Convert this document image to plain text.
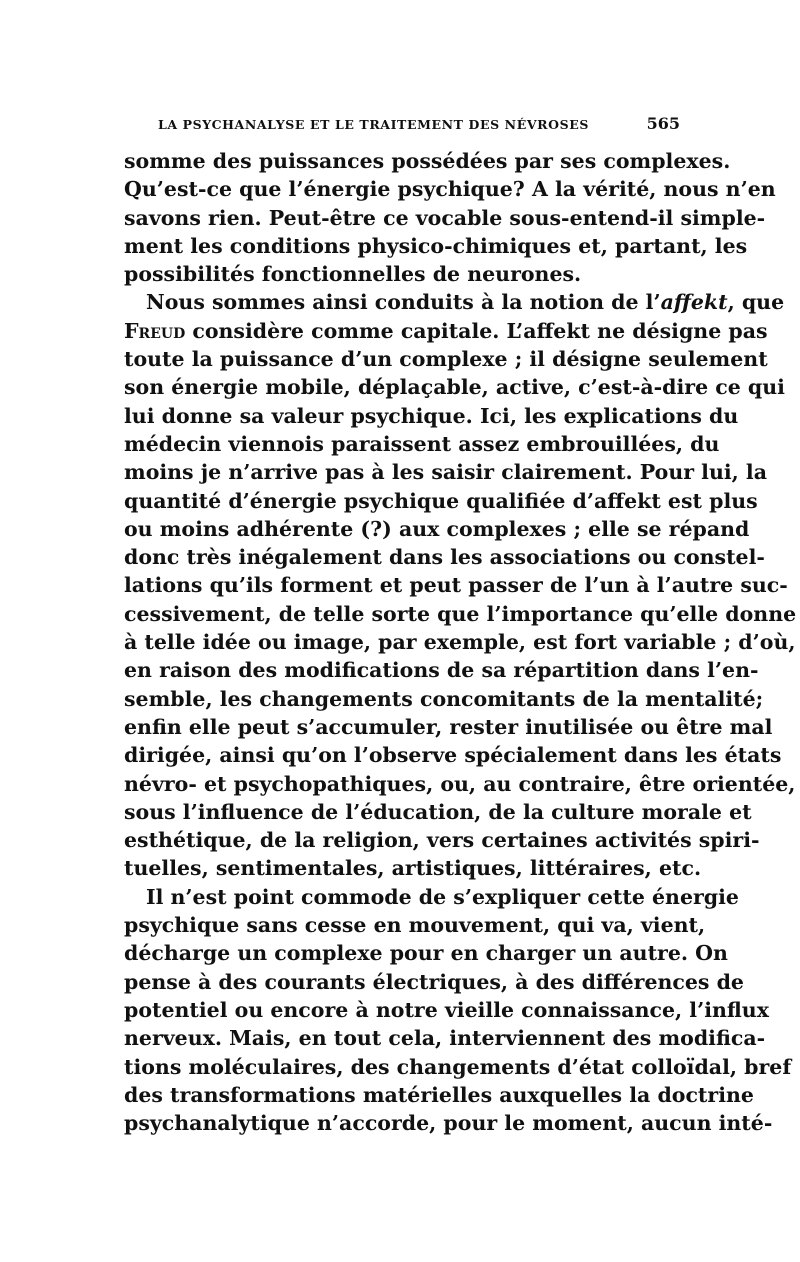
LA PSYCHANALYSE ET LE TRAITEMENT DES NÉVROSES	565
somme des puissances possédées par ses complexes.
Qu’est-ce que l’énergie psychique? A la vérité, nous n’en
savons rien. Peut-être ce vocable sous-entend-il simple-
ment les conditions physico-chimiques et, partant, les
possibilités fonctionnelles de neurones.
Nous sommes ainsi conduits à la notion de l’affekt, que
Freud considère comme capitale. L’affekt ne désigne pas
toute la puissance d’un complexe ; il désigne seulement
son énergie mobile, déplaçable, active, c’est-à-dire ce qui
lui donne sa valeur psychique. Ici, les explications du
médecin viennois paraissent assez embrouillées, du
moins je n’arrive pas à les saisir clairement. Pour lui, la
quantité d’énergie psychique qualifiée d’affekt est plus
ou moins adhérente (?) aux complexes ; elle se répand
donc très inégalement dans les associations ou constel-
lations qu’ils forment et peut passer de l’un à l’autre suc-
cessivement, de telle sorte que l’importance qu’elle donne
à telle idée ou image, par exemple, est fort variable ; d’où,
en raison des modifications de sa répartition dans l’en-
semble, les changements concomitants de la mentalité;
enfin elle peut s’accumuler, rester inutilisée ou être mal
dirigée, ainsi qu’on l’observe spécialement dans les états
névro- et psychopathiques, ou, au contraire, être orientée,
sous l’influence de l’éducation, de la culture morale et
esthétique, de la religion, vers certaines activités spiri-
tuelles, sentimentales, artistiques, littéraires, etc.
Il n’est point commode de s’expliquer cette énergie
psychique sans cesse en mouvement, qui va, vient,
décharge un complexe pour en charger un autre. On
pense à des courants électriques, à des différences de
potentiel ou encore à notre vieille connaissance, l’influx
nerveux. Mais, en tout cela, interviennent des modifica-
tions moléculaires, des changements d’état colloïdal, bref
des transformations matérielles auxquelles la doctrine
psychanalytique n’accorde, pour le moment, aucun inté-
